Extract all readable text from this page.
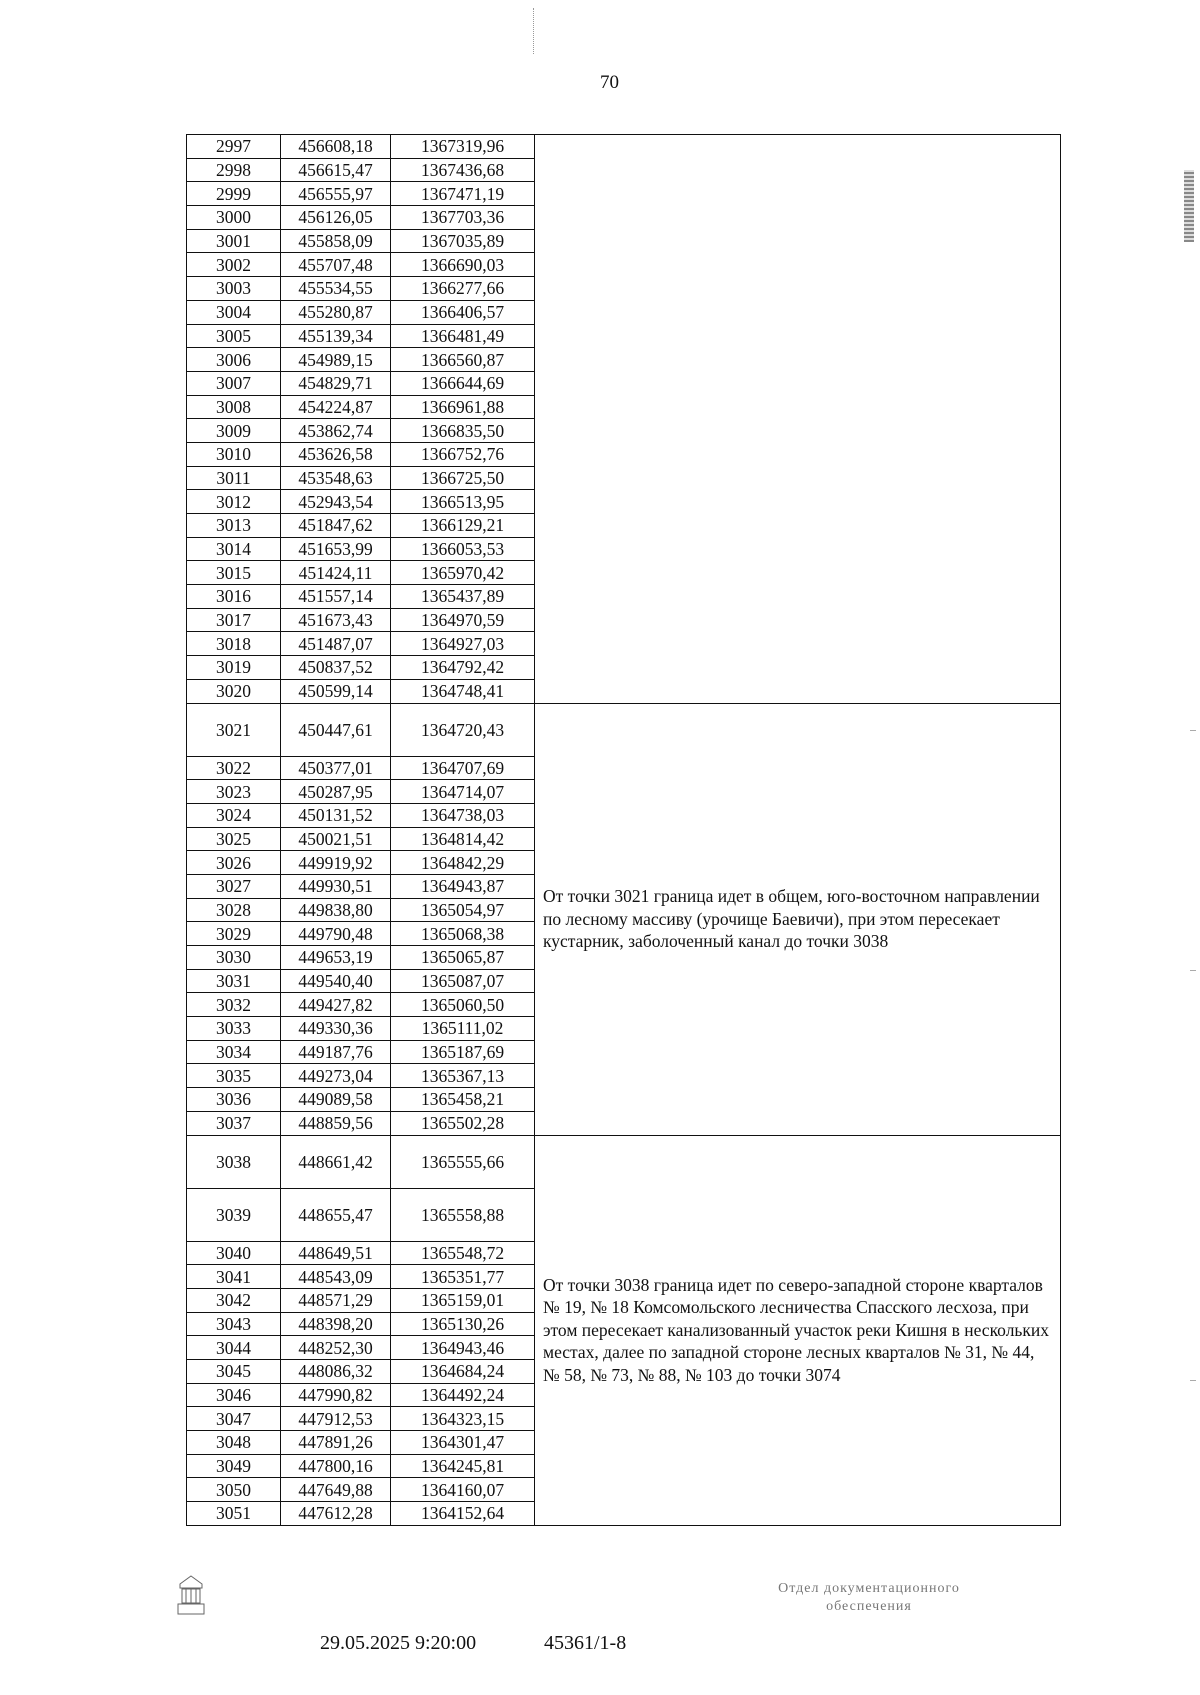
70
2997	456608,18	1367319,96	
2998	456615,47	1367436,68	
2999	456555,97	1367471,19	
3000	456126,05	1367703,36	
3001	455858,09	1367035,89	
3002	455707,48	1366690,03	
3003	455534,55	1366277,66	
3004	455280,87	1366406,57	
3005	455139,34	1366481,49	
3006	454989,15	1366560,87	
3007	454829,71	1366644,69	
3008	454224,87	1366961,88	
3009	453862,74	1366835,50	
3010	453626,58	1366752,76	
3011	453548,63	1366725,50	
3012	452943,54	1366513,95	
3013	451847,62	1366129,21	
3014	451653,99	1366053,53	
3015	451424,11	1365970,42	
3016	451557,14	1365437,89	
3017	451673,43	1364970,59	
3018	451487,07	1364927,03	
3019	450837,52	1364792,42	
3020	450599,14	1364748,41	
3021	450447,61	1364720,43	От точки 3021 граница идет в общем, юго-восточном направлении по лесному массиву (урочище Баевичи), при этом пересекает кустарник, заболоченный канал до точки 3038
3022	450377,01	1364707,69	
3023	450287,95	1364714,07	
3024	450131,52	1364738,03	
3025	450021,51	1364814,42	
3026	449919,92	1364842,29	
3027	449930,51	1364943,87	
3028	449838,80	1365054,97	
3029	449790,48	1365068,38	
3030	449653,19	1365065,87	
3031	449540,40	1365087,07	
3032	449427,82	1365060,50	
3033	449330,36	1365111,02	
3034	449187,76	1365187,69	
3035	449273,04	1365367,13	
3036	449089,58	1365458,21	
3037	448859,56	1365502,28	
3038	448661,42	1365555,66	От точки 3038 граница идет по северо-западной стороне кварталов № 19, № 18 Комсомольского лесничества Спасского лесхоза, при этом пересекает канализованный участок реки Кишня в нескольких местах, далее по западной стороне лесных кварталов № 31, № 44, № 58, № 73, № 88, № 103 до точки 3074
3039	448655,47	1365558,88	
3040	448649,51	1365548,72	
3041	448543,09	1365351,77	
3042	448571,29	1365159,01	
3043	448398,20	1365130,26	
3044	448252,30	1364943,46	
3045	448086,32	1364684,24	
3046	447990,82	1364492,24	
3047	447912,53	1364323,15	
3048	447891,26	1364301,47	
3049	447800,16	1364245,81	
3050	447649,88	1364160,07	
3051	447612,28	1364152,64	
29.05.2025 9:20:00	45361/1-8
Отдел документационного
обеспечения
